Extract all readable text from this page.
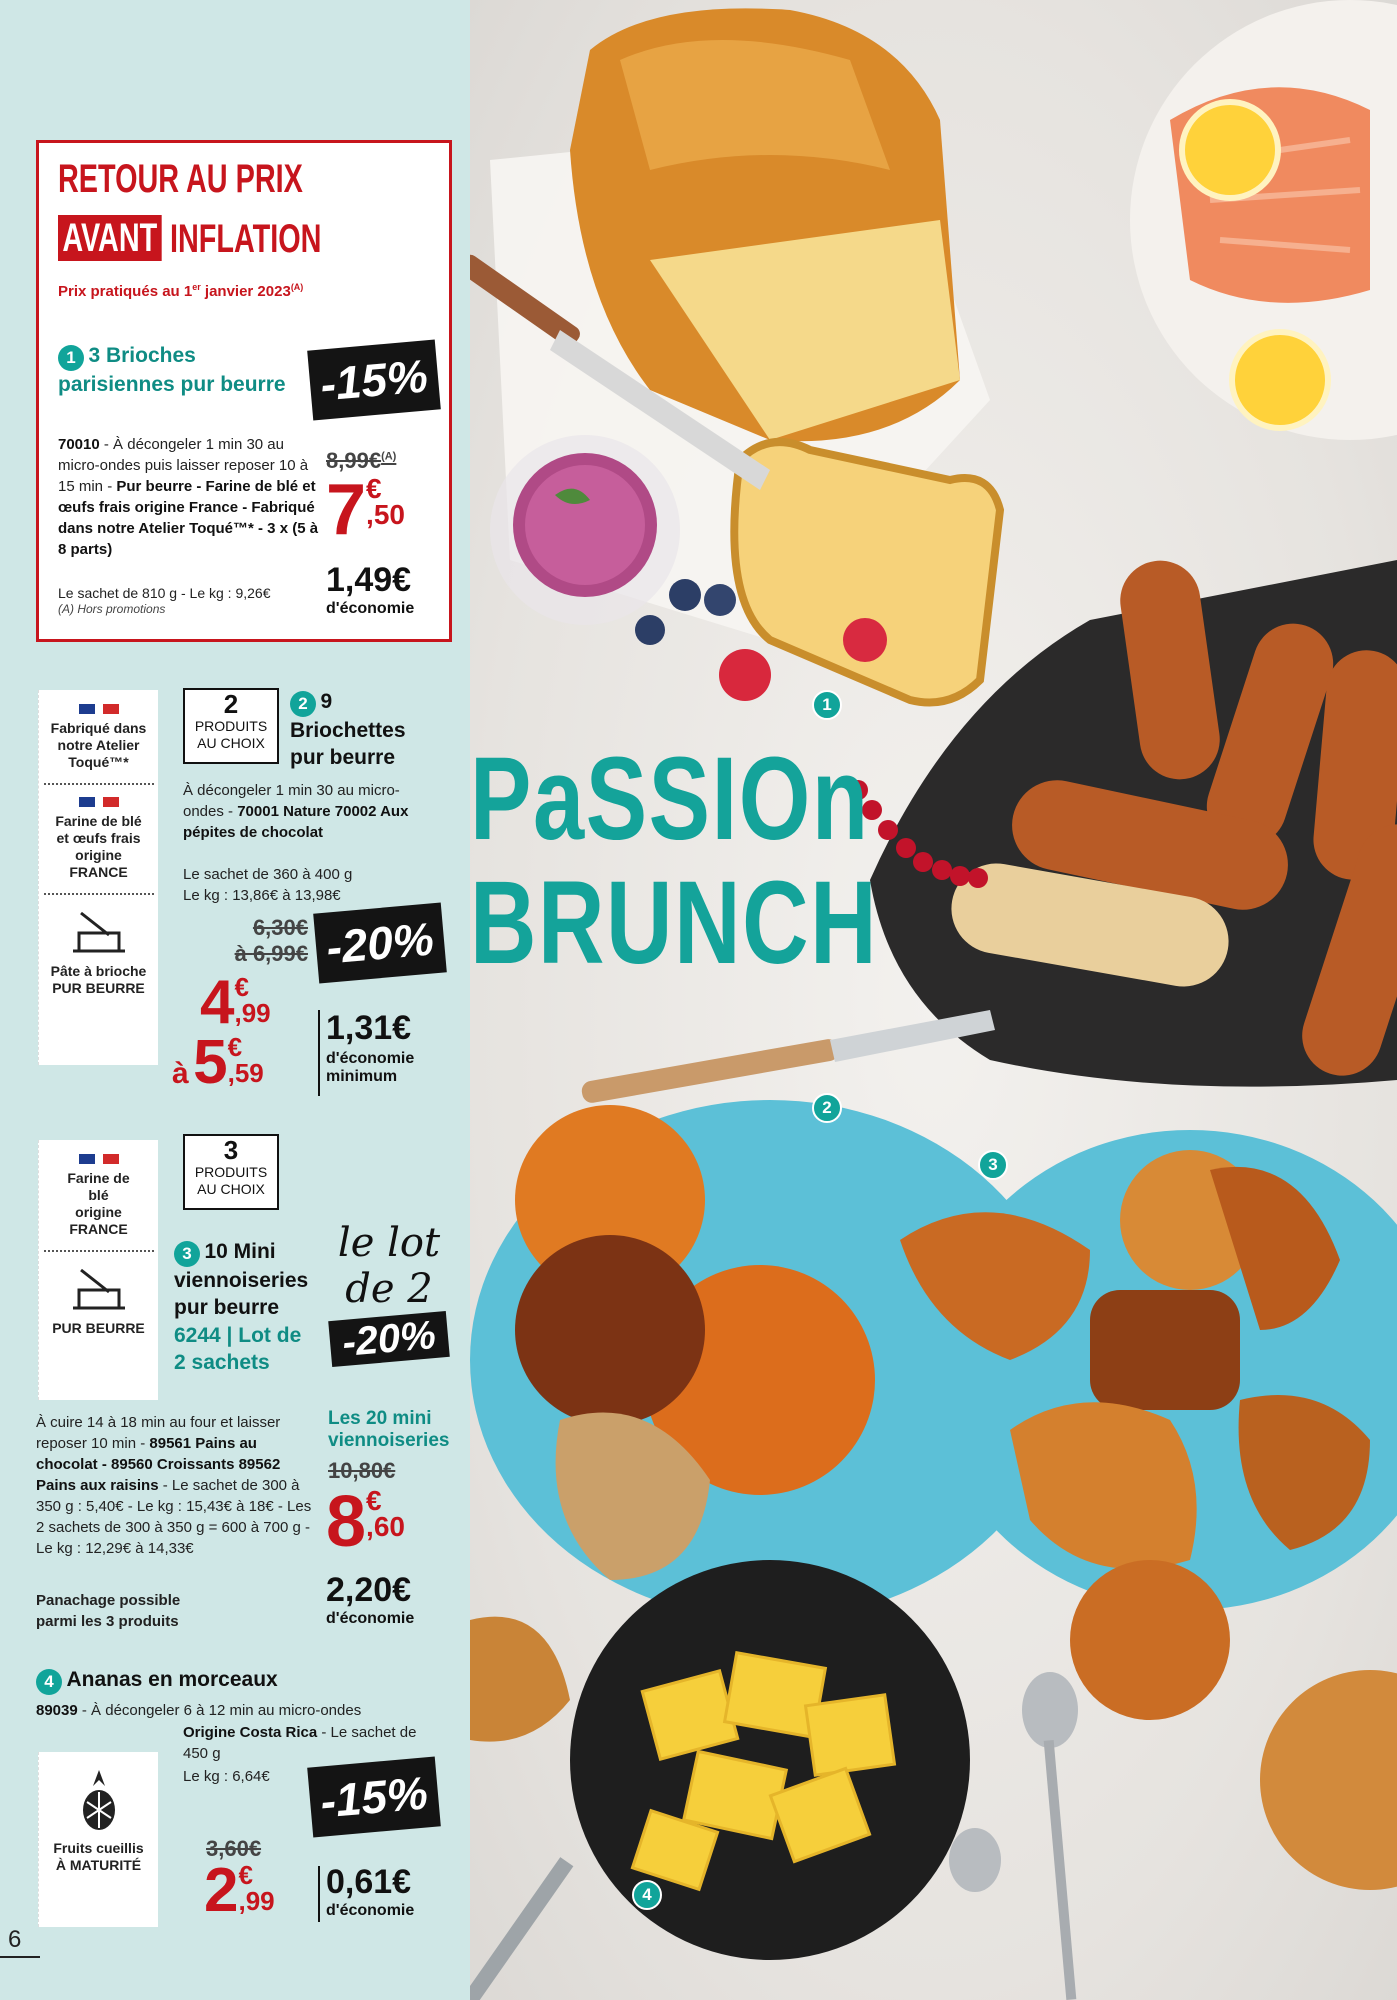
PaSSIOn
BRUNCH
1
2
3
4
RETOUR AU PRIX
AVANT INFLATION
Prix pratiqués au 1er janvier $2023^{(A)}$
1 3 Brioches parisiennes pur beurre
70010 - À décongeler 1 min 30 au micro-ondes puis laisser reposer 10 à 15 min - Pur beurre - Farine de blé et œufs frais origine France - Fabriqué dans notre Atelier Toqué™* - 3 x (5 à 8 parts)
Le sachet de 810 g - Le kg : 9,26€
(A) Hors promotions
-15%
8,99€$^{(A)}$
7 €
,50
1,49€
d'économie
Fabriqué dans notre Atelier Toqué™*
Farine de blé et œufs frais origine FRANCE
Pâte à brioche
PUR BEURRE
2
PRODUITS AU CHOIX
2 9 Briochettes pur beurre
À décongeler 1 min 30 au micro-ondes - 70001 Nature 70002 Aux pépites de chocolat
Le sachet de 360 à 400 g
Le kg : 13,86€ à 13,98€
6,30€
à 6,99€ -20%
4 €
,99
à 5 €
,59
1,31€
d'économie minimum
Farine de blé origine FRANCE
PUR BEURRE
3
PRODUITS AU CHOIX
3 10 Mini viennoiseries pur beurre
6244 | Lot de 2 sachets
le lot
de 2
-20%
À cuire 14 à 18 min au four et laisser reposer 10 min - 89561 Pains au chocolat - 89560 Croissants 89562 Pains aux raisins - Le sachet de 300 à 350 g : 5,40€ - Le kg : 15,43€ à 18€ - Les 2 sachets de 300 à 350 g = 600 à 700 g - Le kg : 12,29€ à 14,33€
Panachage possible parmi les 3 produits
Les 20 mini viennoiseries
10,80€
8 €
,60
2,20€
d'économie
4 Ananas en morceaux
89039 - À décongeler 6 à 12 min au micro-ondes
Origine Costa Rica - Le sachet de 450 g
Le kg : 6,64€
Fruits cueillis À MATURITÉ
-15%
3,60€
2 €
,99 0,61€
d'économie
6
